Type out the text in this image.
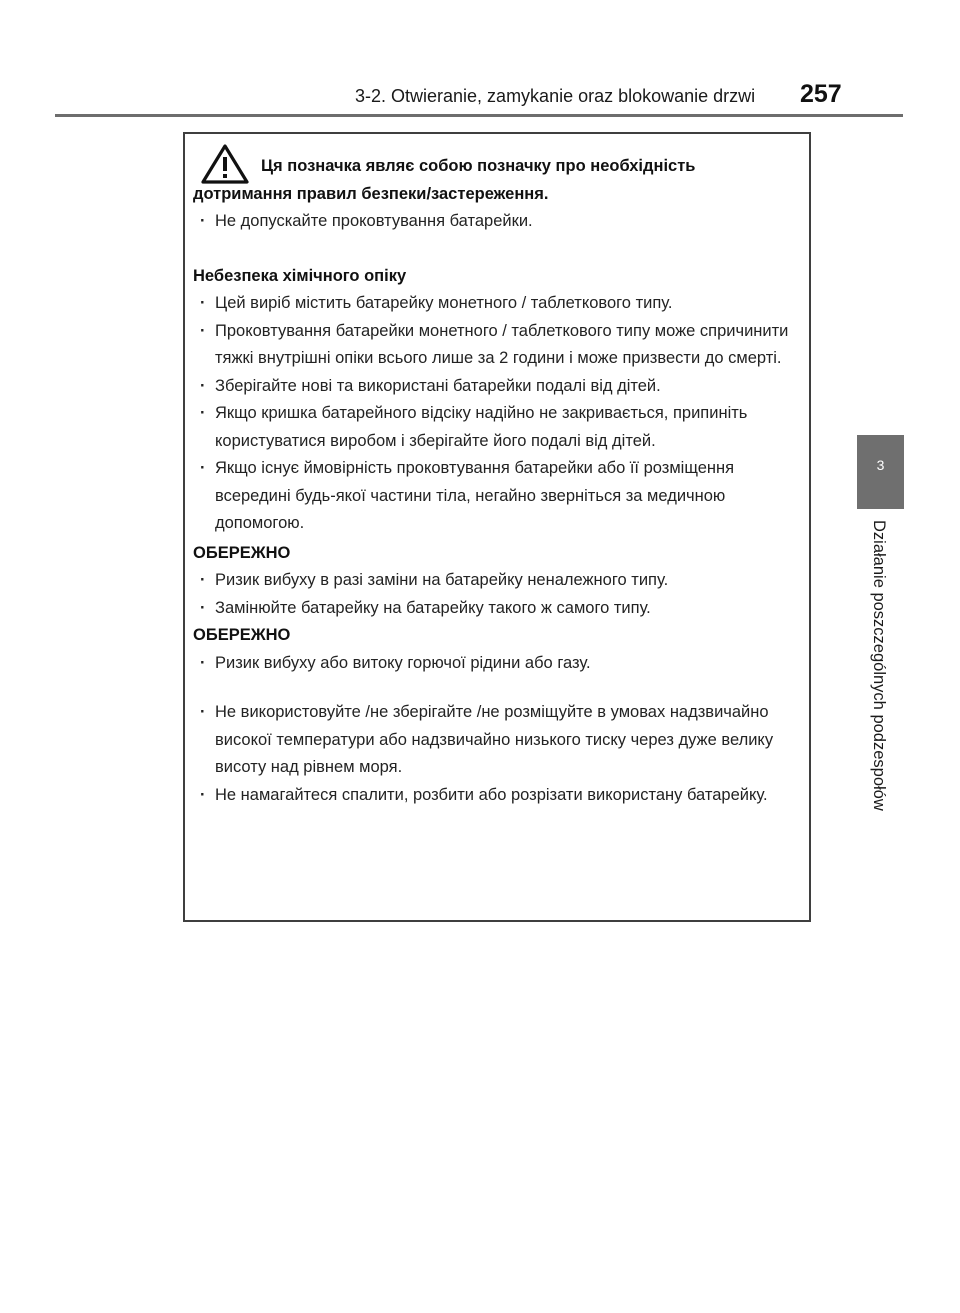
3-2. Otwieranie, zamykanie oraz blokowanie drzwi 257
3
Działanie poszczególnych podzespołów
Ця позначка являє собою позначку про необхідність дотримання правил безпеки/застереження.
· Не допускайте проковтування батарейки.
Небезпека хімічного опіку
· Цей виріб містить батарейку монетного / таблеткового типу.
· Проковтування батарейки монетного / таблеткового типу може спричинити тяжкі внутрішні опіки всього лише за 2 години і може призвести до смерті.
· Зберігайте нові та використані батарейки подалі від дітей.
· Якщо кришка батарейного відсіку надійно не закривається, припиніть користуватися виробом і зберігайте його подалі від дітей.
· Якщо існує ймовірність проковтування батарейки або її розміщення всередині будь-якої частини тіла, негайно зверніться за медичною допомогою.
ОБЕРЕЖНО
· Ризик вибуху в разі заміни на батарейку неналежного типу.
· Замінюйте батарейку на батарейку такого ж самого типу.
ОБЕРЕЖНО
· Ризик вибуху або витоку горючої рідини або газу.
· Не використовуйте /не зберігайте /не розміщуйте в умовах надзвичайно високої температури або надзвичайно низького тиску через дуже велику висоту над рівнем моря.
· Не намагайтеся спалити, розбити або розрізати використану батарейку.
